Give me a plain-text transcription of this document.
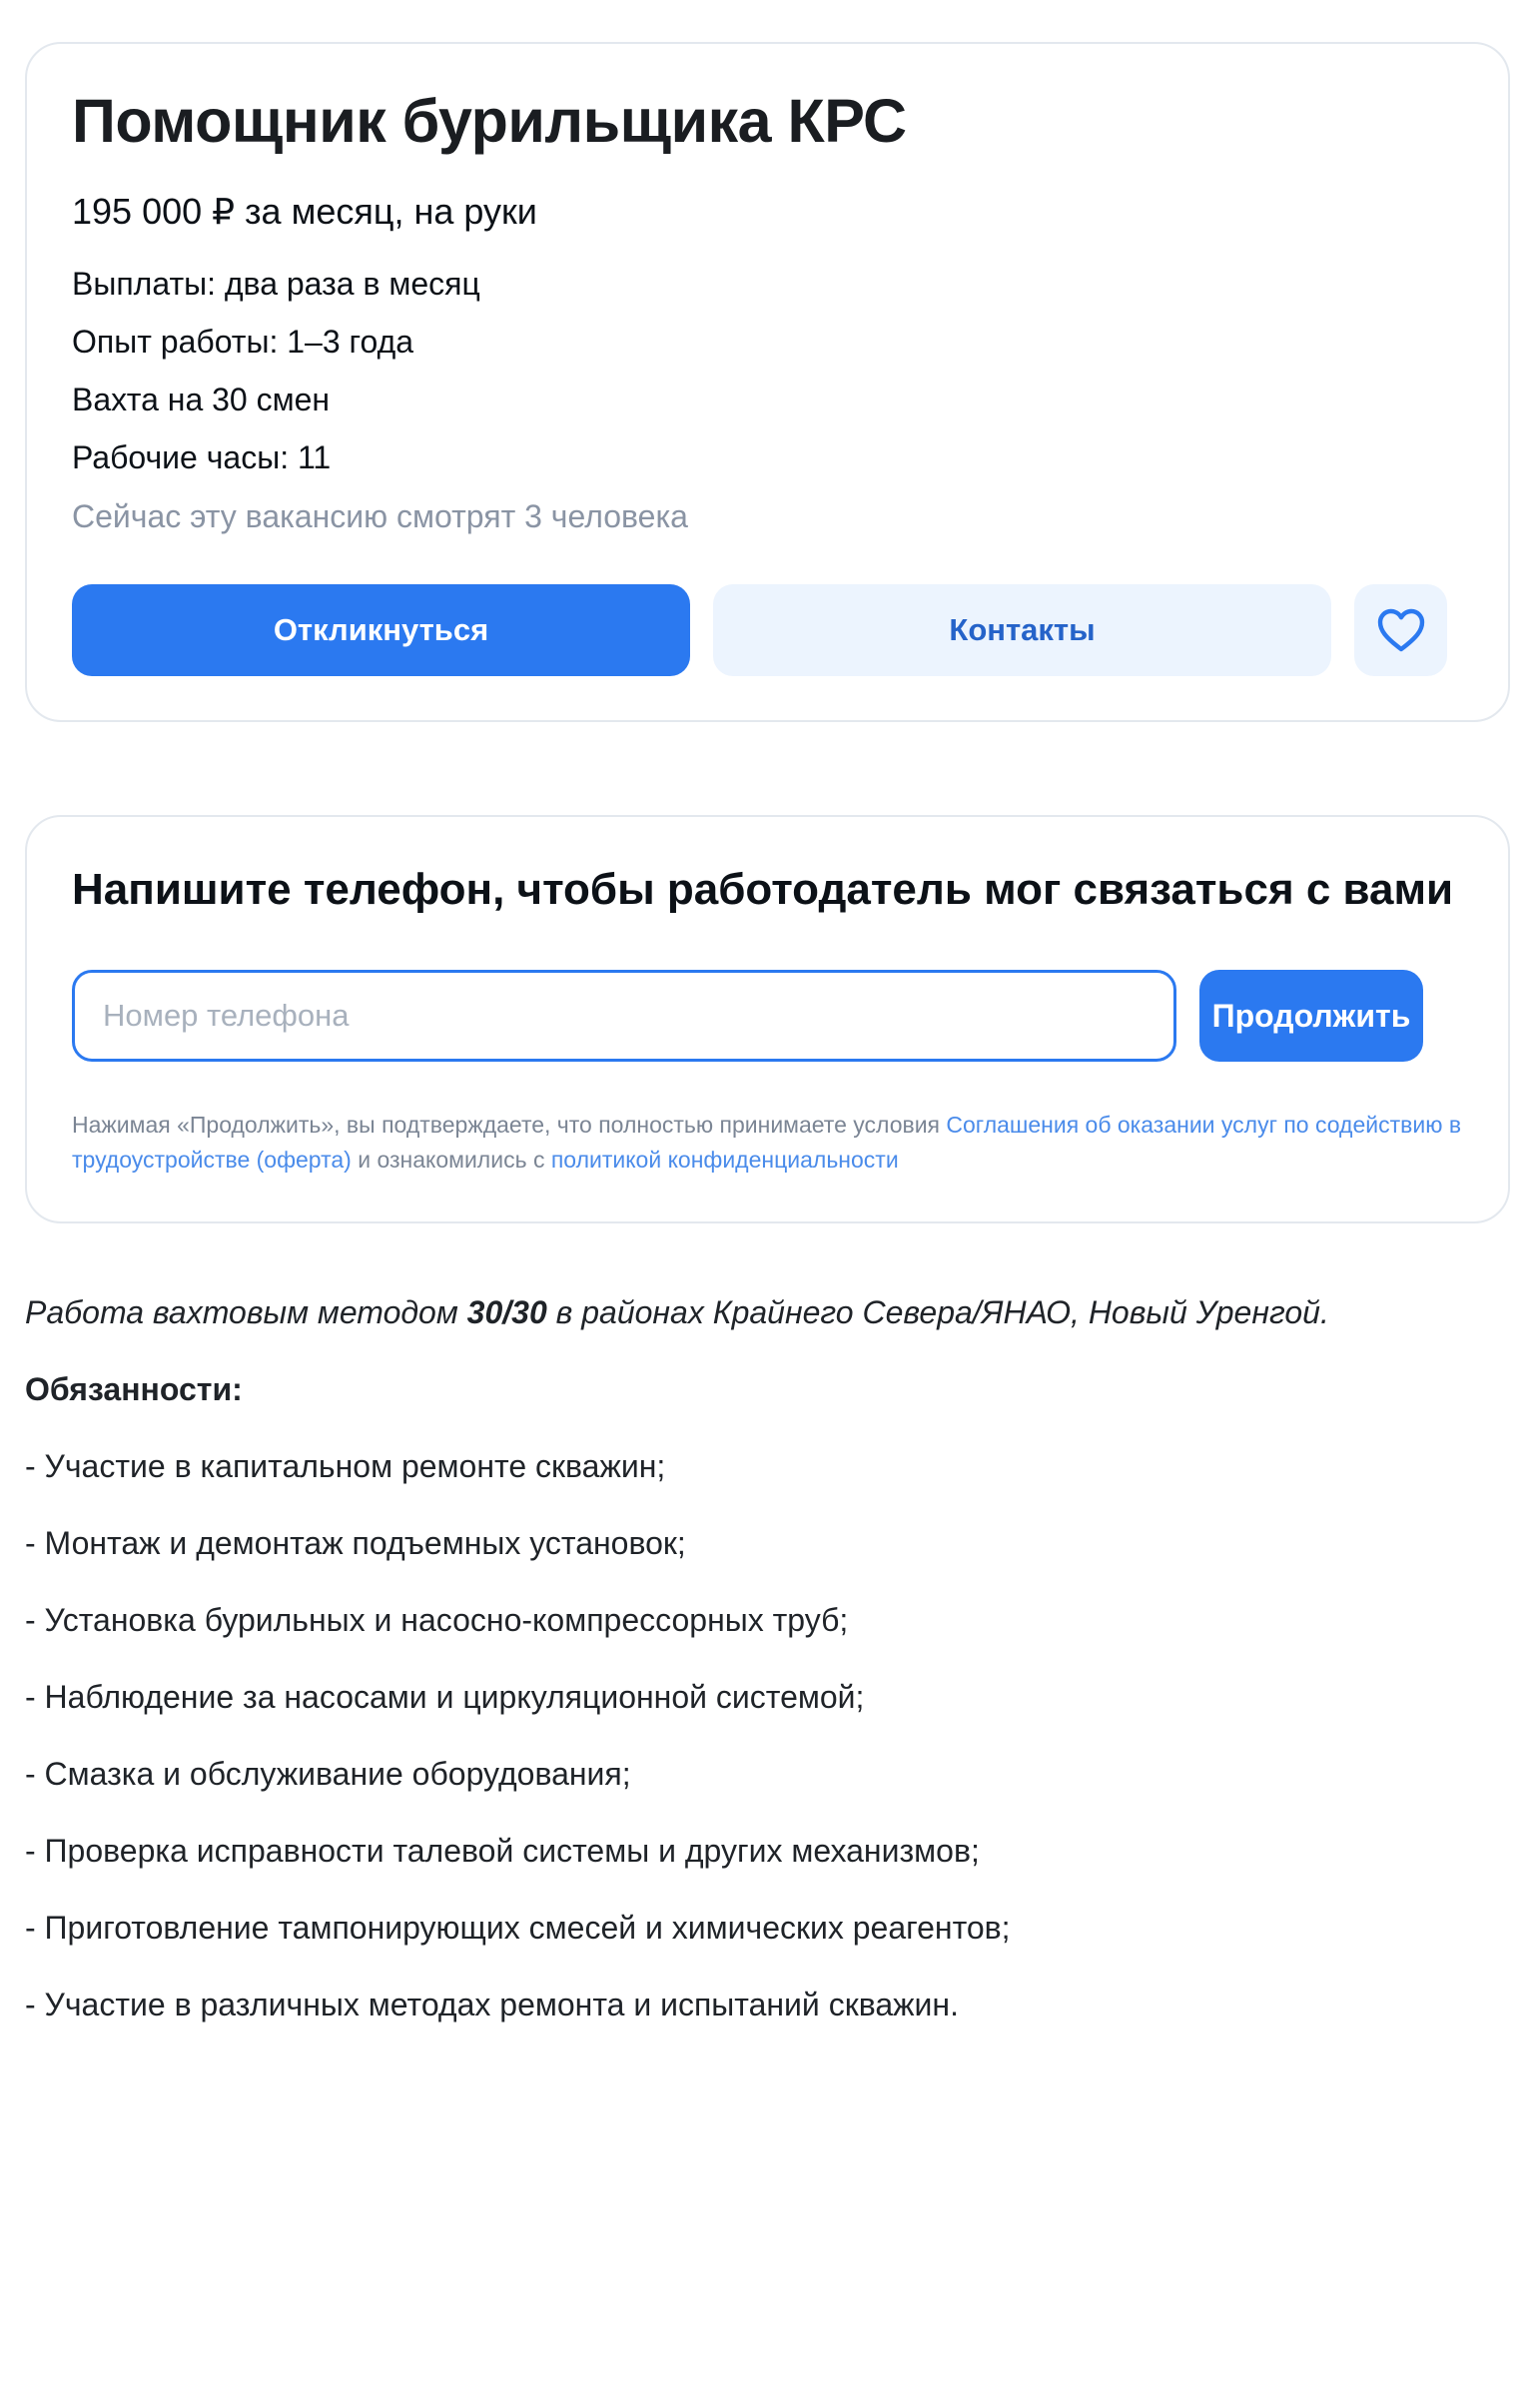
Помощник бурильщика КРС
195 000 ₽ за месяц, на руки
Выплаты: два раза в месяц
Опыт работы: 1–3 года
Вахта на 30 смен
Рабочие часы: 11
Сейчас эту вакансию смотрят 3 человека
Откликнуться	Контакты
Напишите телефон, чтобы работодатель мог связаться с вами
Номер телефона
Продолжить
Нажимая «Продолжить», вы подтверждаете, что полностью принимаете условия Соглашения об оказании услуг по содействию в трудоустройстве (оферта) и ознакомились с политикой конфиденциальности

Работа вахтовым методом 30/30 в районах Крайнего Севера/ЯНАО, Новый Уренгой.

Обязанности:

- Участие в капитальном ремонте скважин;

- Монтаж и демонтаж подъемных установок;

- Установка бурильных и насосно-компрессорных труб;

- Наблюдение за насосами и циркуляционной системой;

- Смазка и обслуживание оборудования;

- Проверка исправности талевой системы и других механизмов;

- Приготовление тампонирующих смесей и химических реагентов;

- Участие в различных методах ремонта и испытаний скважин.
